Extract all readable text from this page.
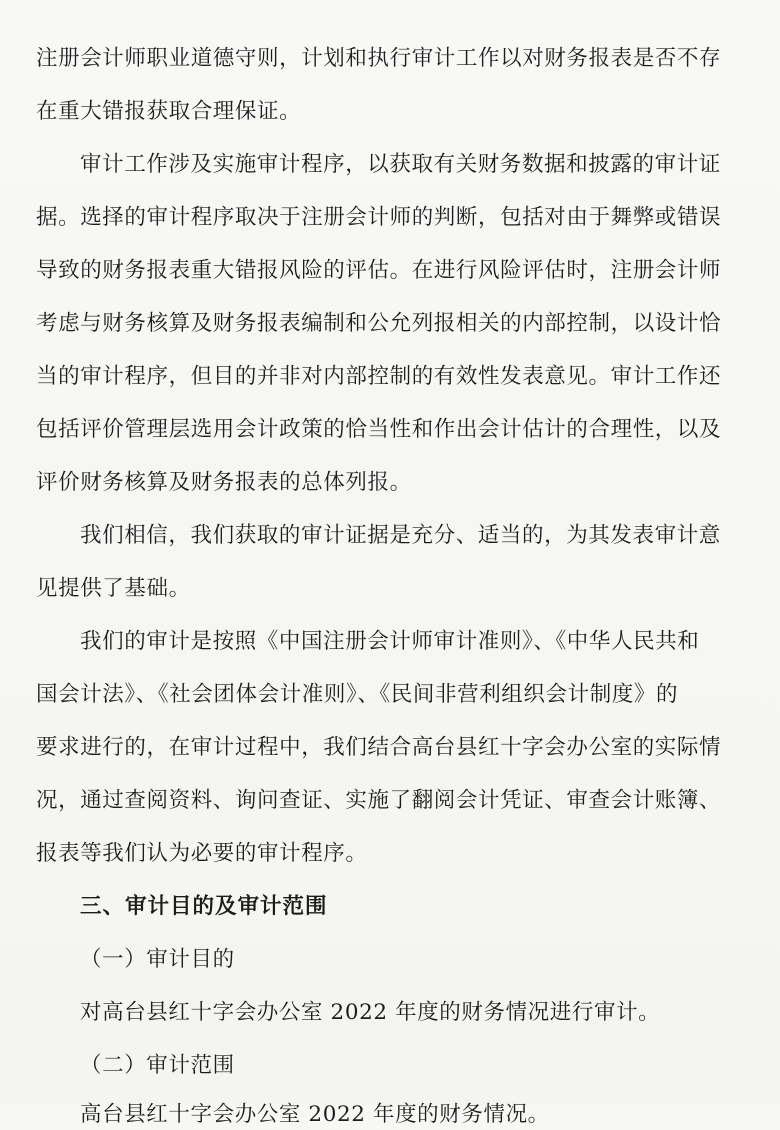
注册会计师职业道德守则，计划和执行审计工作以对财务报表是否不存
在重大错报获取合理保证。
审计工作涉及实施审计程序，以获取有关财务数据和披露的审计证
据。选择的审计程序取决于注册会计师的判断，包括对由于舞弊或错误
导致的财务报表重大错报风险的评估。在进行风险评估时，注册会计师
考虑与财务核算及财务报表编制和公允列报相关的内部控制，以设计恰
当的审计程序，但目的并非对内部控制的有效性发表意见。审计工作还
包括评价管理层选用会计政策的恰当性和作出会计估计的合理性，以及
评价财务核算及财务报表的总体列报。
我们相信，我们获取的审计证据是充分、适当的，为其发表审计意
见提供了基础。
我们的审计是按照《中国注册会计师审计准则》、《中华人民共和
国会计法》、《社会团体会计准则》、《民间非营利组织会计制度》的
要求进行的，在审计过程中，我们结合高台县红十字会办公室的实际情
况，通过查阅资料、询问查证、实施了翻阅会计凭证、审查会计账簿、
报表等我们认为必要的审计程序。
三、审计目的及审计范围
（一）审计目的
对高台县红十字会办公室 2022 年度的财务情况进行审计。
（二）审计范围
高台县红十字会办公室 2022 年度的财务情况。
